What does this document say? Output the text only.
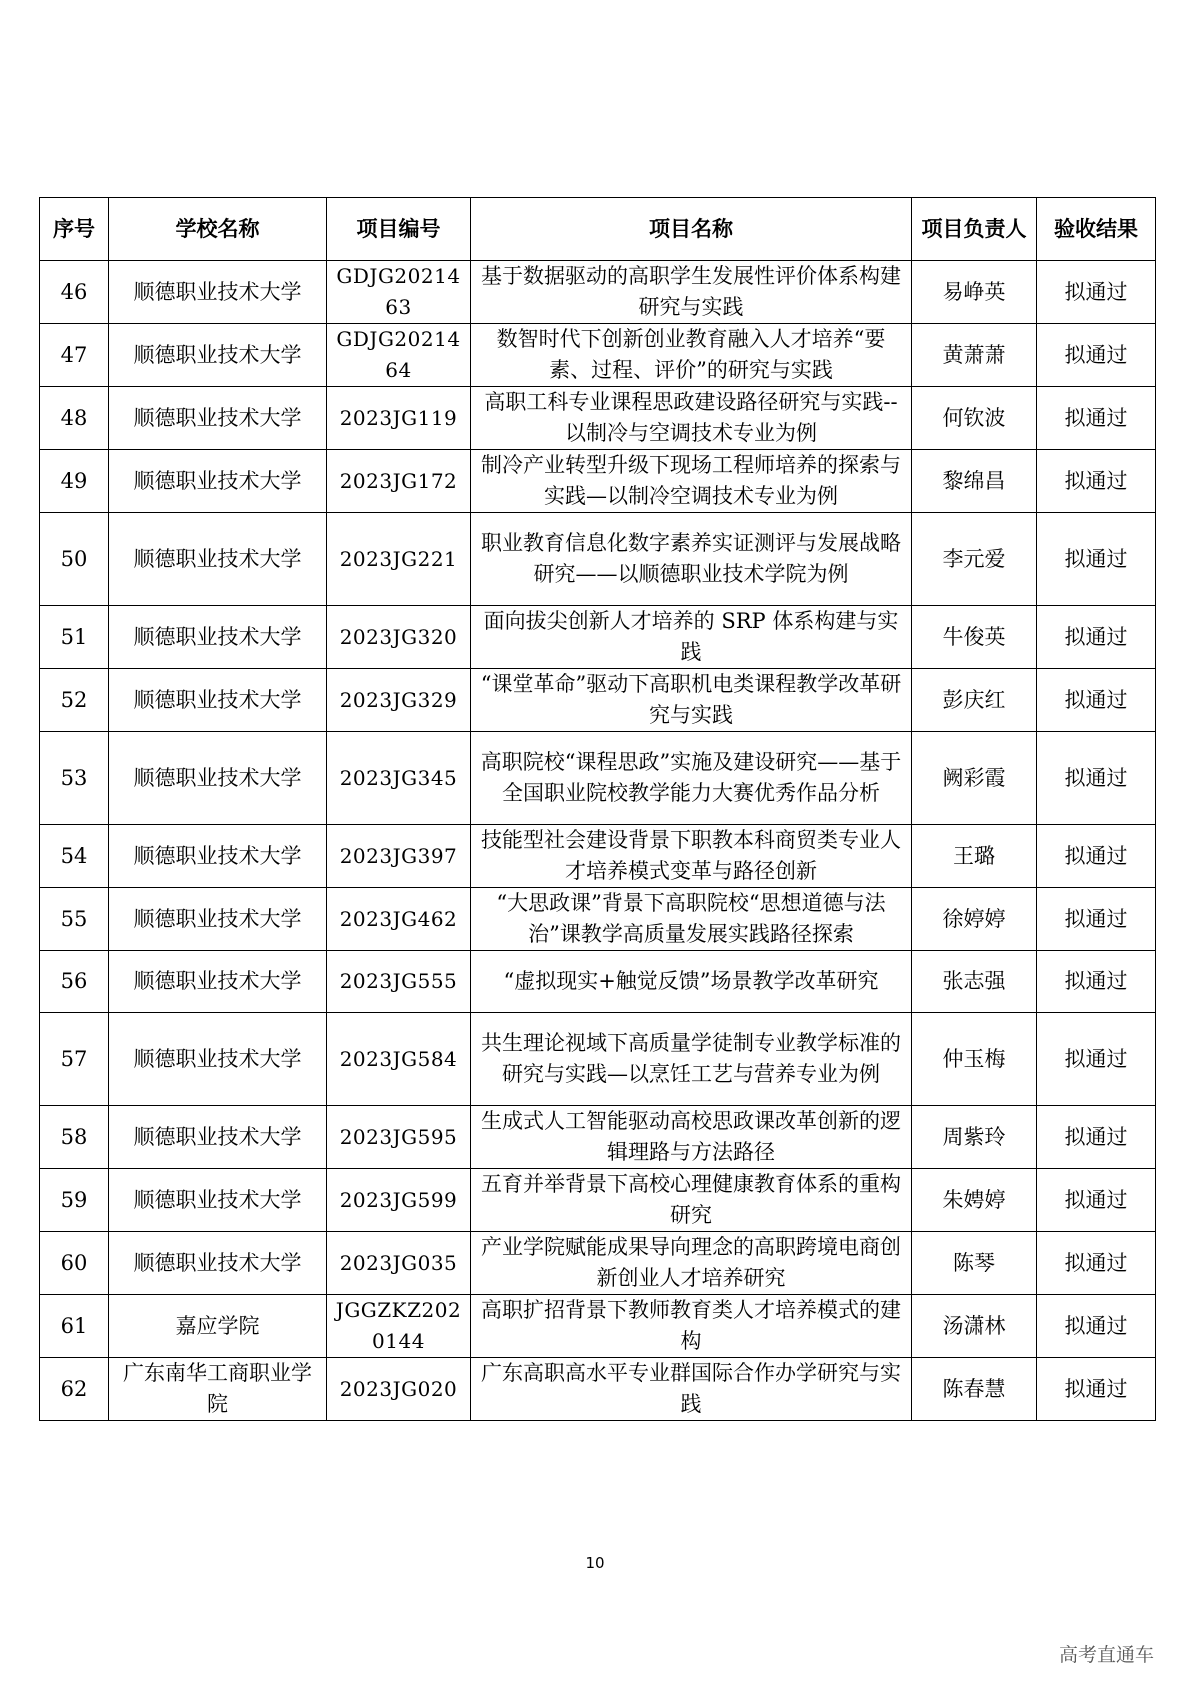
序号	学校名称	项目编号	项目名称	项目负责人	验收结果
46	顺德职业技术大学	GDJG2021463	基于数据驱动的高职学生发展性评价体系构建研究与实践	易峥英	拟通过
47	顺德职业技术大学	GDJG2021464	数智时代下创新创业教育融入人才培养“要素、过程、评价”的研究与实践	黄萧萧	拟通过
48	顺德职业技术大学	2023JG119	高职工科专业课程思政建设路径研究与实践--以制冷与空调技术专业为例	何钦波	拟通过
49	顺德职业技术大学	2023JG172	制冷产业转型升级下现场工程师培养的探索与实践—以制冷空调技术专业为例	黎绵昌	拟通过
50	顺德职业技术大学	2023JG221	职业教育信息化数字素养实证测评与发展战略研究——以顺德职业技术学院为例	李元爱	拟通过
51	顺德职业技术大学	2023JG320	面向拔尖创新人才培养的 SRP 体系构建与实践	牛俊英	拟通过
52	顺德职业技术大学	2023JG329	“课堂革命”驱动下高职机电类课程教学改革研究与实践	彭庆红	拟通过
53	顺德职业技术大学	2023JG345	高职院校“课程思政”实施及建设研究——基于全国职业院校教学能力大赛优秀作品分析	阙彩霞	拟通过
54	顺德职业技术大学	2023JG397	技能型社会建设背景下职教本科商贸类专业人才培养模式变革与路径创新	王璐	拟通过
55	顺德职业技术大学	2023JG462	“大思政课”背景下高职院校“思想道德与法治”课教学高质量发展实践路径探索	徐婷婷	拟通过
56	顺德职业技术大学	2023JG555	“虚拟现实+触觉反馈”场景教学改革研究	张志强	拟通过
57	顺德职业技术大学	2023JG584	共生理论视域下高质量学徒制专业教学标准的研究与实践—以烹饪工艺与营养专业为例	仲玉梅	拟通过
58	顺德职业技术大学	2023JG595	生成式人工智能驱动高校思政课改革创新的逻辑理路与方法路径	周紫玲	拟通过
59	顺德职业技术大学	2023JG599	五育并举背景下高校心理健康教育体系的重构研究	朱娉婷	拟通过
60	顺德职业技术大学	2023JG035	产业学院赋能成果导向理念的高职跨境电商创新创业人才培养研究	陈琴	拟通过
61	嘉应学院	JGGZKZ2020144	高职扩招背景下教师教育类人才培养模式的建构	汤潇林	拟通过
62	广东南华工商职业学院	2023JG020	广东高职高水平专业群国际合作办学研究与实践	陈春慧	拟通过
10
高考直通车
